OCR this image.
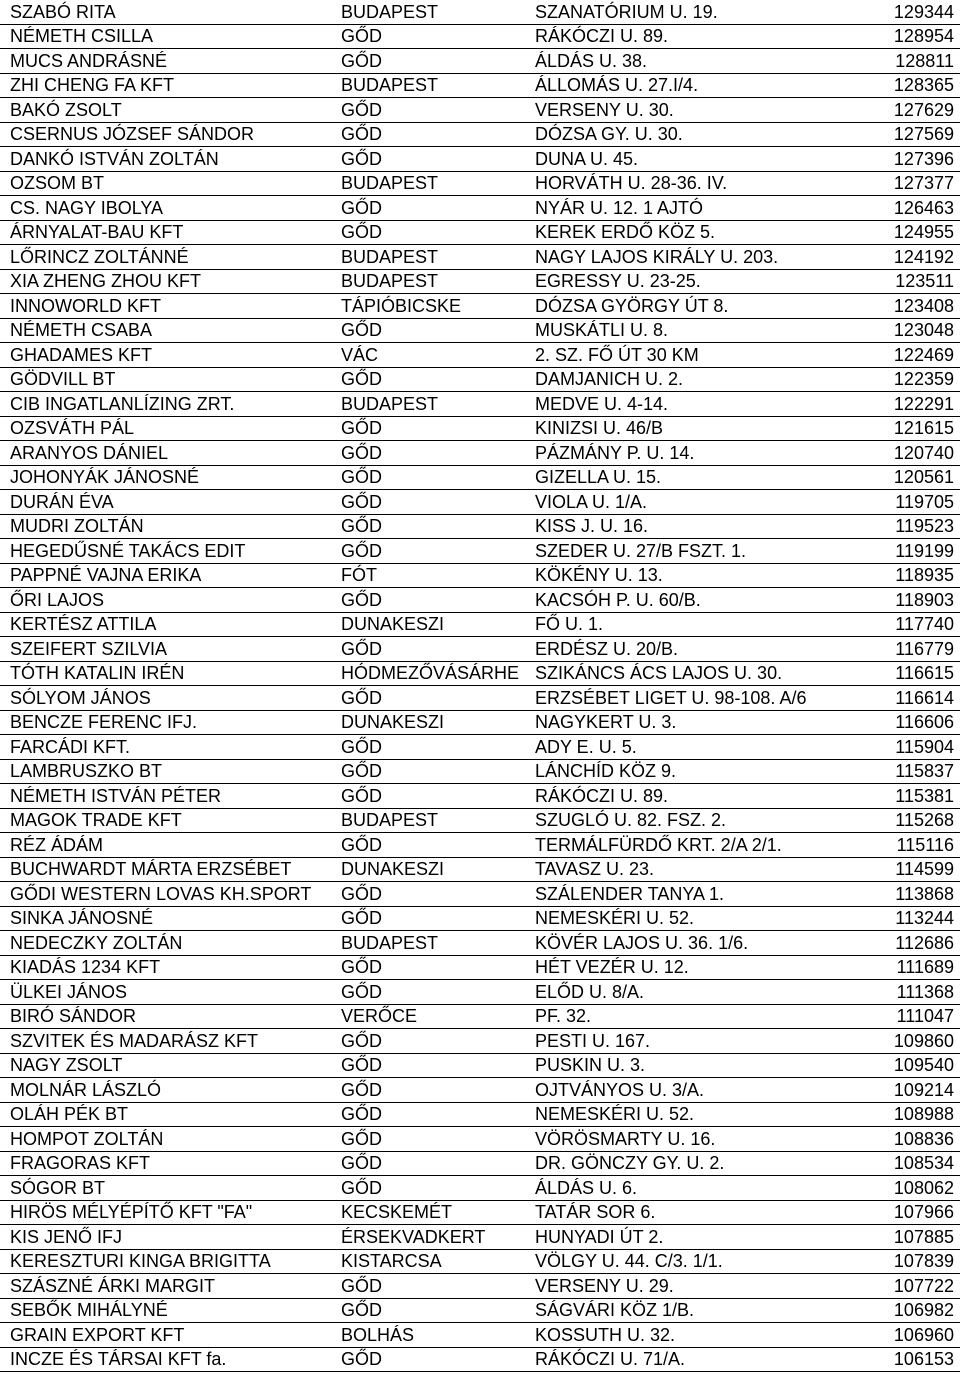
SZABÓ RITA	BUDAPEST	SZANATÓRIUM U. 19.	129344
NÉMETH CSILLA	GŐD	RÁKÓCZI U. 89.	128954
MUCS ANDRÁSNÉ	GŐD	ÁLDÁS U. 38.	128811
ZHI CHENG FA KFT	BUDAPEST	ÁLLOMÁS U. 27.I/4.	128365
BAKÓ ZSOLT	GŐD	VERSENY U. 30.	127629
CSERNUS JÓZSEF SÁNDOR	GŐD	DÓZSA GY. U. 30.	127569
DANKÓ ISTVÁN ZOLTÁN	GŐD	DUNA U. 45.	127396
OZSOM BT	BUDAPEST	HORVÁTH U. 28-36. IV.	127377
CS. NAGY IBOLYA	GŐD	NYÁR U. 12. 1 AJTÓ	126463
ÁRNYALAT-BAU KFT	GŐD	KEREK ERDŐ KÖZ 5.	124955
LŐRINCZ ZOLTÁNNÉ	BUDAPEST	NAGY LAJOS KIRÁLY U. 203.	124192
XIA ZHENG ZHOU KFT	BUDAPEST	EGRESSY U. 23-25.	123511
INNOWORLD KFT	TÁPIÓBICSKE	DÓZSA GYÖRGY ÚT 8.	123408
NÉMETH CSABA	GŐD	MUSKÁTLI U. 8.	123048
GHADAMES KFT	VÁC	2. SZ. FŐ ÚT 30 KM	122469
GÖDVILL BT	GŐD	DAMJANICH U. 2.	122359
CIB INGATLANLÍZING ZRT.	BUDAPEST	MEDVE U. 4-14.	122291
OZSVÁTH PÁL	GŐD	KINIZSI U. 46/B	121615
ARANYOS DÁNIEL	GŐD	PÁZMÁNY P. U. 14.	120740
JOHONYÁK JÁNOSNÉ	GŐD	GIZELLA U. 15.	120561
DURÁN ÉVA	GŐD	VIOLA U. 1/A.	119705
MUDRI ZOLTÁN	GŐD	KISS J. U. 16.	119523
HEGEDŰSNÉ TAKÁCS EDIT	GŐD	SZEDER U. 27/B FSZT. 1.	119199
PAPPNÉ VAJNA ERIKA	FÓT	KÖKÉNY U. 13.	118935
ŐRI LAJOS	GŐD	KACSÓH P. U. 60/B.	118903
KERTÉSZ ATTILA	DUNAKESZI	FŐ U. 1.	117740
SZEIFERT SZILVIA	GŐD	ERDÉSZ U. 20/B.	116779
TÓTH KATALIN IRÉN	HÓDMEZŐVÁSÁRHE	SZIKÁNCS ÁCS LAJOS U. 30.	116615
SÓLYOM JÁNOS	GŐD	ERZSÉBET LIGET U. 98-108. A/6	116614
BENCZE FERENC IFJ.	DUNAKESZI	NAGYKERT U. 3.	116606
FARCÁDI KFT.	GŐD	ADY E. U. 5.	115904
LAMBRUSZKO BT	GŐD	LÁNCHÍD KÖZ 9.	115837
NÉMETH ISTVÁN PÉTER	GŐD	RÁKÓCZI U. 89.	115381
MAGOK TRADE KFT	BUDAPEST	SZUGLÓ U. 82. FSZ. 2.	115268
RÉZ ÁDÁM	GŐD	TERMÁLFÜRDŐ KRT. 2/A 2/1.	115116
BUCHWARDT MÁRTA ERZSÉBET	DUNAKESZI	TAVASZ U. 23.	114599
GŐDI WESTERN LOVAS KH.SPORT	GŐD	SZÁLENDER TANYA 1.	113868
SINKA JÁNOSNÉ	GŐD	NEMESKÉRI U. 52.	113244
NEDECZKY ZOLTÁN	BUDAPEST	KÖVÉR LAJOS U. 36. 1/6.	112686
KIADÁS 1234 KFT	GŐD	HÉT VEZÉR U. 12.	111689
ÜLKEI JÁNOS	GŐD	ELŐD U. 8/A.	111368
BIRÓ SÁNDOR	VERŐCE	PF. 32.	111047
SZVITEK ÉS MADARÁSZ KFT	GŐD	PESTI U. 167.	109860
NAGY ZSOLT	GŐD	PUSKIN U. 3.	109540
MOLNÁR LÁSZLÓ	GŐD	OJTVÁNYOS U. 3/A.	109214
OLÁH PÉK BT	GŐD	NEMESKÉRI U. 52.	108988
HOMPOT ZOLTÁN	GŐD	VÖRÖSMARTY U. 16.	108836
FRAGORAS KFT	GŐD	DR. GÖNCZY GY. U. 2.	108534
SÓGOR BT	GŐD	ÁLDÁS U. 6.	108062
HIRÖS MÉLYÉPÍTŐ KFT "FA"	KECSKEMÉT	TATÁR SOR 6.	107966
KIS JENŐ IFJ	ÉRSEKVADKERT	HUNYADI ÚT 2.	107885
KERESZTURI KINGA BRIGITTA	KISTARCSA	VÖLGY U. 44. C/3. 1/1.	107839
SZÁSZNÉ ÁRKI MARGIT	GŐD	VERSENY U. 29.	107722
SEBŐK MIHÁLYNÉ	GŐD	SÁGVÁRI KÖZ 1/B.	106982
GRAIN EXPORT KFT	BOLHÁS	KOSSUTH U. 32.	106960
INCZE ÉS TÁRSAI KFT fa.	GŐD	RÁKÓCZI U. 71/A.	106153
